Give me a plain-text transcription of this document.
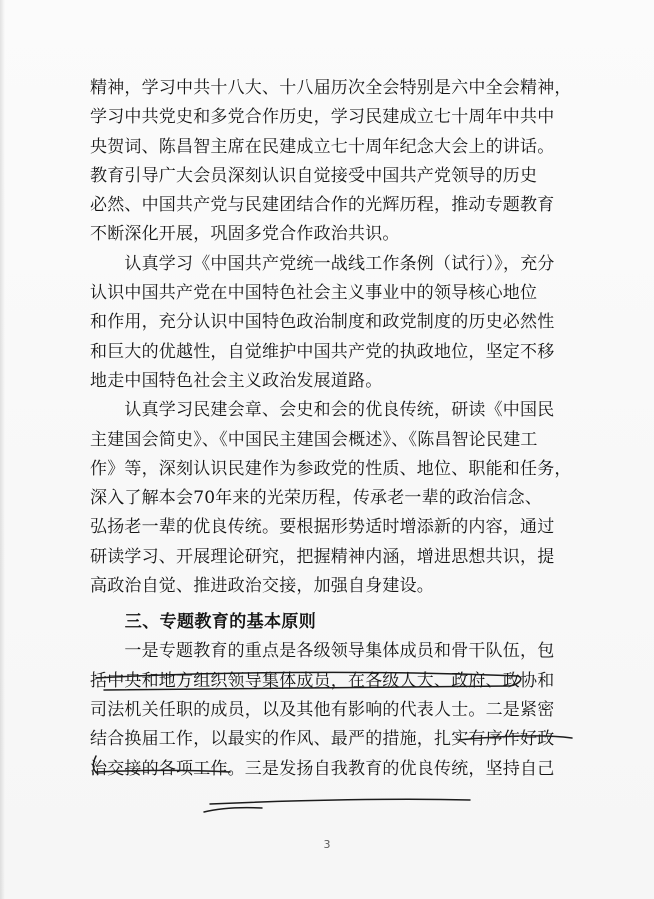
精神，学习中共十八大、十八届历次全会特别是六中全会精神，
学习中共党史和多党合作历史，学习民建成立七十周年中共中
央贺词、陈昌智主席在民建成立七十周年纪念大会上的讲话。
教育引导广大会员深刻认识自觉接受中国共产党领导的历史
必然、中国共产党与民建团结合作的光辉历程，推动专题教育
不断深化开展，巩固多党合作政治共识。

　　认真学习《中国共产党统一战线工作条例（试行）》，充分
认识中国共产党在中国特色社会主义事业中的领导核心地位
和作用，充分认识中国特色政治制度和政党制度的历史必然性
和巨大的优越性，自觉维护中国共产党的执政地位，坚定不移
地走中国特色社会主义政治发展道路。

　　认真学习民建会章、会史和会的优良传统，研读《中国民
主建国会简史》、《中国民主建国会概述》、《陈昌智论民建工
作》等，深刻认识民建作为参政党的性质、地位、职能和任务，
深入了解本会70年来的光荣历程，传承老一辈的政治信念、
弘扬老一辈的优良传统。要根据形势适时增添新的内容，通过
研读学习、开展理论研究，把握精神内涵，增进思想共识，提
高政治自觉、推进政治交接，加强自身建设。

　　三、专题教育的基本原则

　　一是专题教育的重点是各级领导集体成员和骨干队伍，包
括中央和地方组织领导集体成员，在各级人大、政府、政协和
司法机关任职的成员，以及其他有影响的代表人士。二是紧密
结合换届工作，以最实的作风、最严的措施，扎实有序作好政
治交接的各项工作。三是发扬自我教育的优良传统，坚持自己

3
